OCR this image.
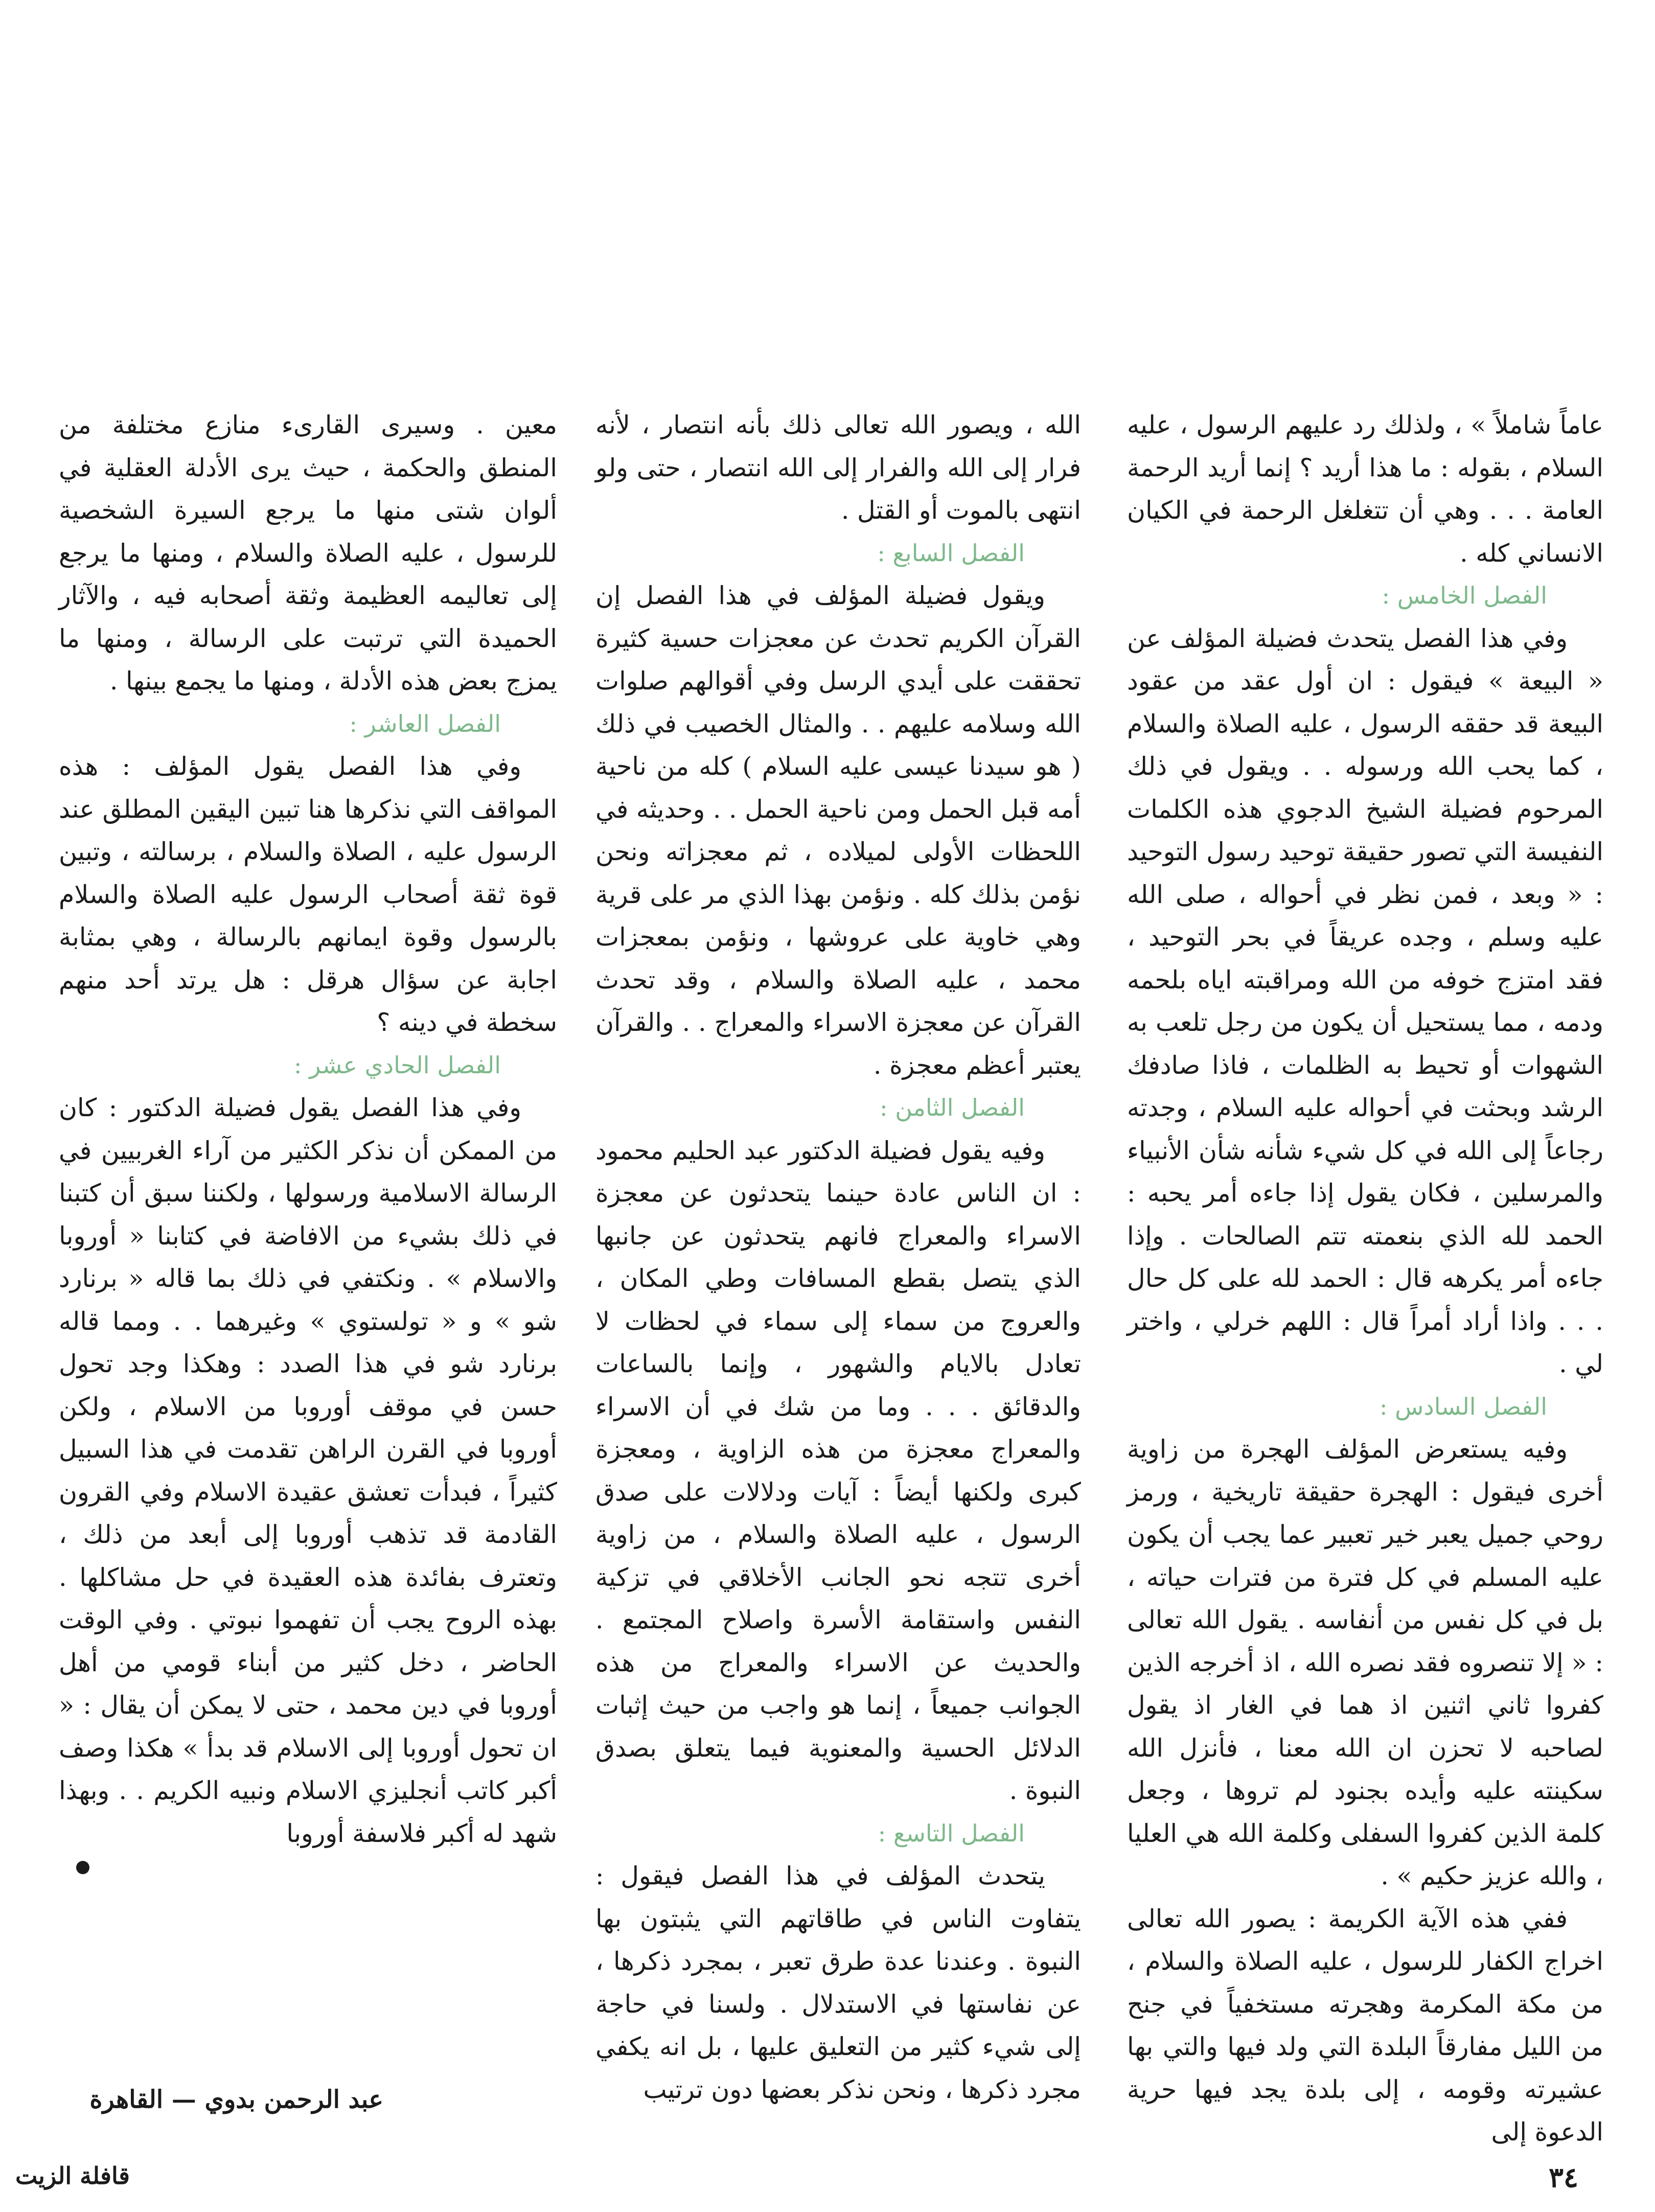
عاماً شاملاً » ، ولذلك رد عليهم الرسول ، عليه السلام ، بقوله : ما هذا أريد ؟ إنما أريد الرحمة العامة . . . وهي أن تتغلغل الرحمة في الكيان الانساني كله .

الفصل الخامس :

وفي هذا الفصل يتحدث فضيلة المؤلف عن « البيعة » فيقول : ان أول عقد من عقود البيعة قد حققه الرسول ، عليه الصلاة والسلام ، كما يحب الله ورسوله . . ويقول في ذلك المرحوم فضيلة الشيخ الدجوي هذه الكلمات النفيسة التي تصور حقيقة توحيد رسول التوحيد : « وبعد ، فمن نظر في أحواله ، صلى الله عليه وسلم ، وجده عريقاً في بحر التوحيد ، فقد امتزج خوفه من الله ومراقبته اياه بلحمه ودمه ، مما يستحيل أن يكون من رجل تلعب به الشهوات أو تحيط به الظلمات ، فاذا صادفك الرشد وبحثت في أحواله عليه السلام ، وجدته رجاعاً إلى الله في كل شيء شأنه شأن الأنبياء والمرسلين ، فكان يقول إذا جاءه أمر يحبه : الحمد لله الذي بنعمته تتم الصالحات . وإذا جاءه أمر يكرهه قال : الحمد لله على كل حال . . . واذا أراد أمراً قال : اللهم خرلي ، واختر لي .

الفصل السادس :

وفيه يستعرض المؤلف الهجرة من زاوية أخرى فيقول : الهجرة حقيقة تاريخية ، ورمز روحي جميل يعبر خير تعبير عما يجب أن يكون عليه المسلم في كل فترة من فترات حياته ، بل في كل نفس من أنفاسه . يقول الله تعالى : « إلا تنصروه فقد نصره الله ، اذ أخرجه الذين كفروا ثاني اثنين اذ هما في الغار اذ يقول لصاحبه لا تحزن ان الله معنا ، فأنزل الله سكينته عليه وأيده بجنود لم تروها ، وجعل كلمة الذين كفروا السفلى وكلمة الله هي العليا ، والله عزيز حكيم » .

ففي هذه الآية الكريمة : يصور الله تعالى اخراج الكفار للرسول ، عليه الصلاة والسلام ، من مكة المكرمة وهجرته مستخفياً في جنح من الليل مفارقاً البلدة التي ولد فيها والتي بها عشيرته وقومه ، إلى بلدة يجد فيها حرية الدعوة إلى

الله ، ويصور الله تعالى ذلك بأنه انتصار ، لأنه فرار إلى الله والفرار إلى الله انتصار ، حتى ولو انتهى بالموت أو القتل .

الفصل السابع :

ويقول فضيلة المؤلف في هذا الفصل إن القرآن الكريم تحدث عن معجزات حسية كثيرة تحققت على أيدي الرسل وفي أقوالهم صلوات الله وسلامه عليهم . . والمثال الخصيب في ذلك ( هو سيدنا عيسى عليه السلام ) كله من ناحية أمه قبل الحمل ومن ناحية الحمل . . وحديثه في اللحظات الأولى لميلاده ، ثم معجزاته ونحن نؤمن بذلك كله . ونؤمن بهذا الذي مر على قرية وهي خاوية على عروشها ، ونؤمن بمعجزات محمد ، عليه الصلاة والسلام ، وقد تحدث القرآن عن معجزة الاسراء والمعراج . . والقرآن يعتبر أعظم معجزة .

الفصل الثامن :

وفيه يقول فضيلة الدكتور عبد الحليم محمود : ان الناس عادة حينما يتحدثون عن معجزة الاسراء والمعراج فانهم يتحدثون عن جانبها الذي يتصل بقطع المسافات وطي المكان ، والعروج من سماء إلى سماء في لحظات لا تعادل بالايام والشهور ، وإنما بالساعات والدقائق . . . وما من شك في أن الاسراء والمعراج معجزة من هذه الزاوية ، ومعجزة كبرى ولكنها أيضاً : آيات ودلالات على صدق الرسول ، عليه الصلاة والسلام ، من زاوية أخرى تتجه نحو الجانب الأخلاقي في تزكية النفس واستقامة الأسرة واصلاح المجتمع . والحديث عن الاسراء والمعراج من هذه الجوانب جميعاً ، إنما هو واجب من حيث إثبات الدلائل الحسية والمعنوية فيما يتعلق بصدق النبوة .

الفصل التاسع :

يتحدث المؤلف في هذا الفصل فيقول : يتفاوت الناس في طاقاتهم التي يثبتون بها النبوة . وعندنا عدة طرق تعبر ، بمجرد ذكرها ، عن نفاستها في الاستدلال . ولسنا في حاجة إلى شيء كثير من التعليق عليها ، بل انه يكفي مجرد ذكرها ، ونحن نذكر بعضها دون ترتيب

معين . وسيرى القارىء منازع مختلفة من المنطق والحكمة ، حيث يرى الأدلة العقلية في ألوان شتى منها ما يرجع السيرة الشخصية للرسول ، عليه الصلاة والسلام ، ومنها ما يرجع إلى تعاليمه العظيمة وثقة أصحابه فيه ، والآثار الحميدة التي ترتبت على الرسالة ، ومنها ما يمزج بعض هذه الأدلة ، ومنها ما يجمع بينها .

الفصل العاشر :

وفي هذا الفصل يقول المؤلف : هذه المواقف التي نذكرها هنا تبين اليقين المطلق عند الرسول عليه ، الصلاة والسلام ، برسالته ، وتبين قوة ثقة أصحاب الرسول عليه الصلاة والسلام بالرسول وقوة ايمانهم بالرسالة ، وهي بمثابة اجابة عن سؤال هرقل : هل يرتد أحد منهم سخطة في دينه ؟

الفصل الحادي عشر :

وفي هذا الفصل يقول فضيلة الدكتور : كان من الممكن أن نذكر الكثير من آراء الغربيين في الرسالة الاسلامية ورسولها ، ولكننا سبق أن كتبنا في ذلك بشيء من الافاضة في كتابنا « أوروبا والاسلام » . ونكتفي في ذلك بما قاله « برنارد شو » و « تولستوي » وغيرهما . . ومما قاله برنارد شو في هذا الصدد : وهكذا وجد تحول حسن في موقف أوروبا من الاسلام ، ولكن أوروبا في القرن الراهن تقدمت في هذا السبيل كثيراً ، فبدأت تعشق عقيدة الاسلام وفي القرون القادمة قد تذهب أوروبا إلى أبعد من ذلك ، وتعترف بفائدة هذه العقيدة في حل مشاكلها . بهذه الروح يجب أن تفهموا نبوتي . وفي الوقت الحاضر ، دخل كثير من أبناء قومي من أهل أوروبا في دين محمد ، حتى لا يمكن أن يقال : « ان تحول أوروبا إلى الاسلام قد بدأ » هكذا وصف أكبر كاتب أنجليزي الاسلام ونبيه الكريم . . وبهذا شهد له أكبر فلاسفة أوروبا

عبد الرحمن بدوي — القاهرة
٣٤
قافلة الزيت
